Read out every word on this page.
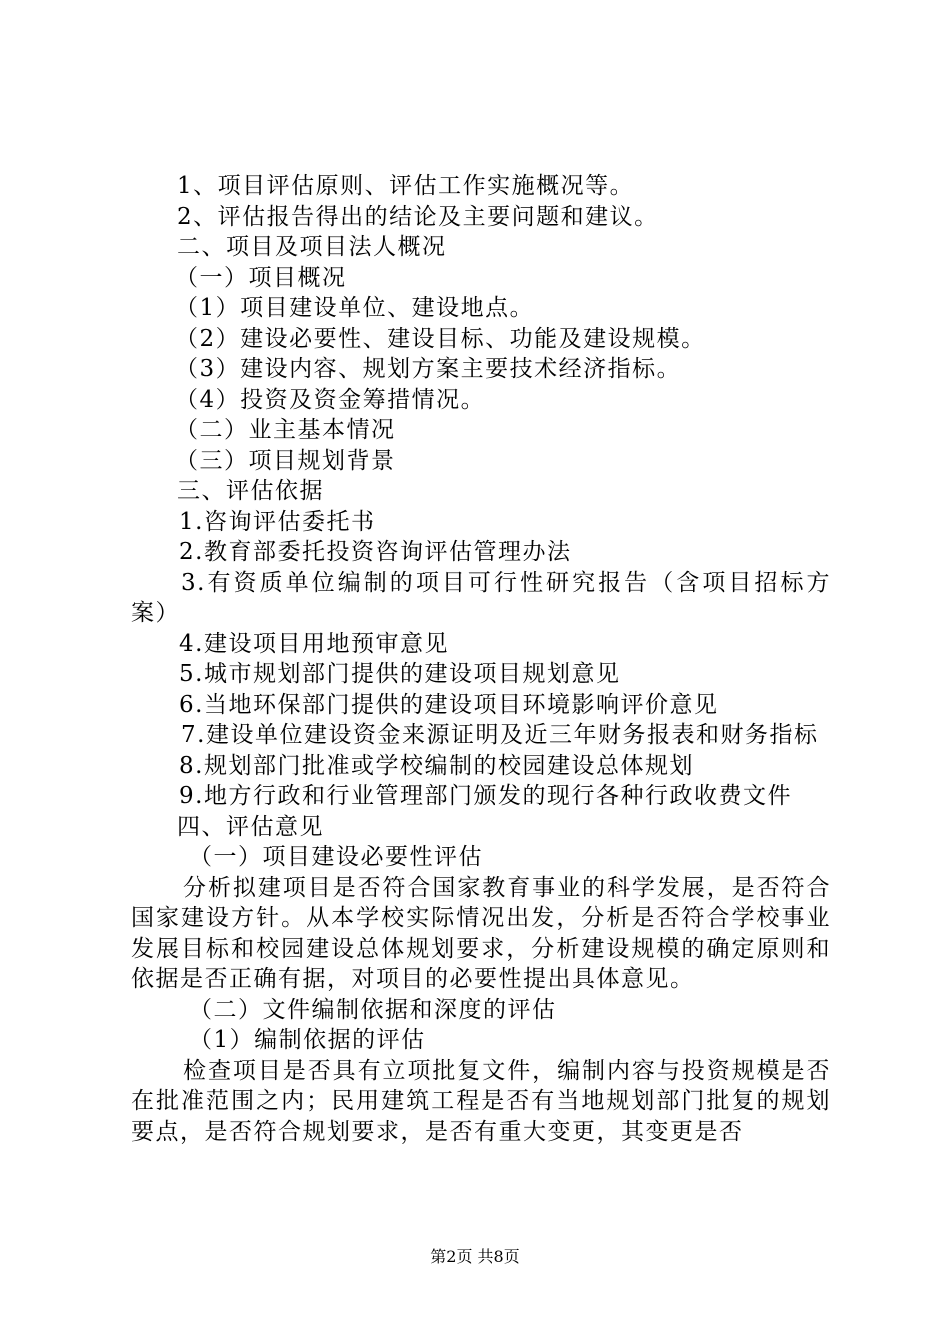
1、项目评估原则、评估工作实施概况等。
2、评估报告得出的结论及主要问题和建议。
二、项目及项目法人概况
（一）项目概况
（1）项目建设单位、建设地点。
（2）建设必要性、建设目标、功能及建设规模。
（3）建设内容、规划方案主要技术经济指标。
（4）投资及资金筹措情况。
（二）业主基本情况
（三）项目规划背景
三、评估依据
1.咨询评估委托书
2.教育部委托投资咨询评估管理办法
3.有资质单位编制的项目可行性研究报告（含项目招标方案）
4.建设项目用地预审意见
5.城市规划部门提供的建设项目规划意见
6.当地环保部门提供的建设项目环境影响评价意见
7.建设单位建设资金来源证明及近三年财务报表和财务指标
8.规划部门批准或学校编制的校园建设总体规划
9.地方行政和行业管理部门颁发的现行各种行政收费文件
四、评估意见
（一）项目建设必要性评估
分析拟建项目是否符合国家教育事业的科学发展，是否符合国家建设方针。从本学校实际情况出发，分析是否符合学校事业发展目标和校园建设总体规划要求，分析建设规模的确定原则和依据是否正确有据，对项目的必要性提出具体意见。
（二）文件编制依据和深度的评估
（1）编制依据的评估
检查项目是否具有立项批复文件，编制内容与投资规模是否在批准范围之内；民用建筑工程是否有当地规划部门批复的规划要点，是否符合规划要求，是否有重大变更，其变更是否
第2页 共8页
